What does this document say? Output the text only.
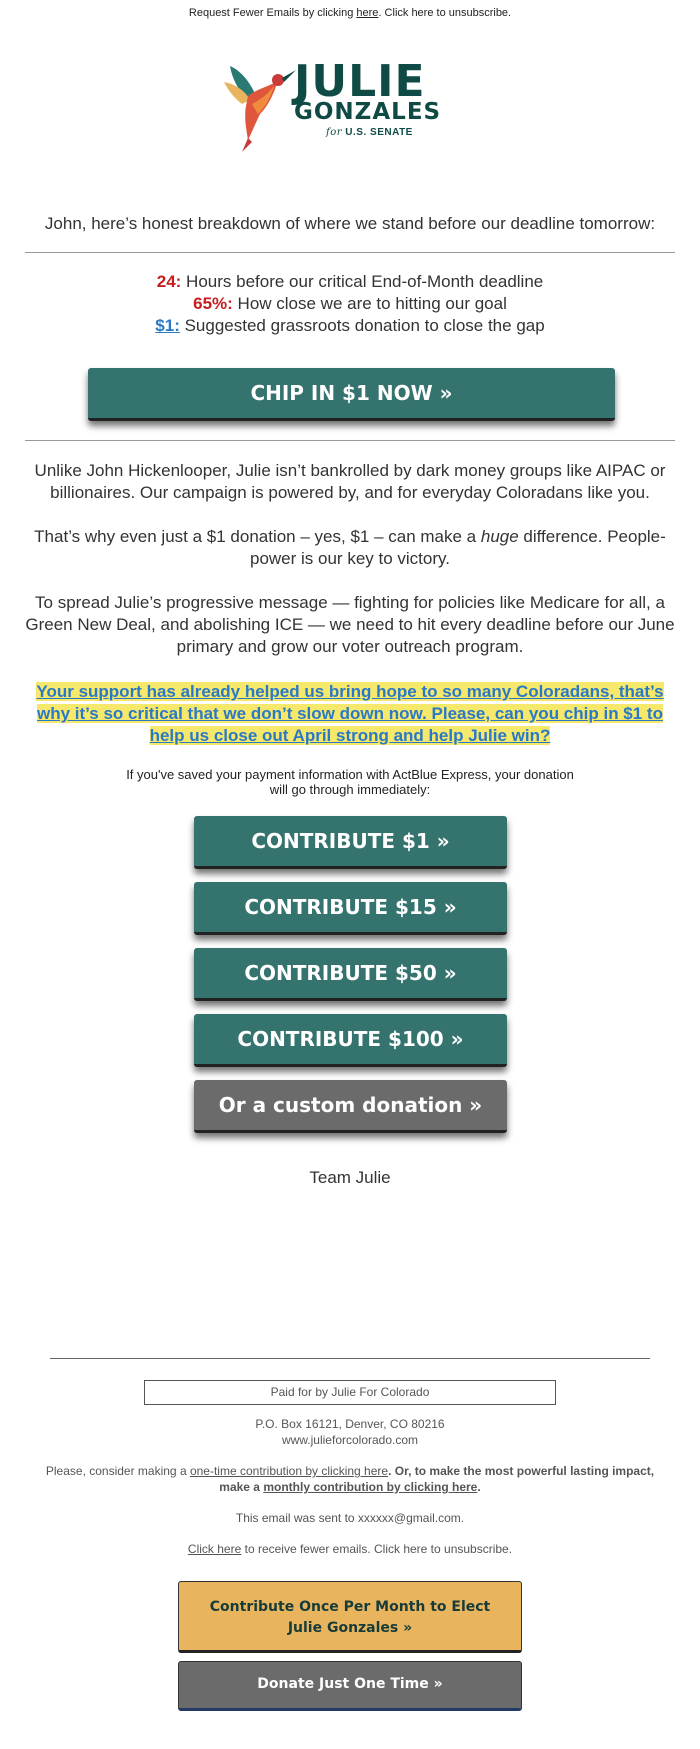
Request Fewer Emails by clicking here. Click here to unsubscribe.
JULIE
GONZALES
for U.S. SENATE
John, here’s honest breakdown of where we stand before our deadline tomorrow:
24: Hours before our critical End-of-Month deadline
65%: How close we are to hitting our goal
$1: Suggested grassroots donation to close the gap
CHIP IN $1 NOW »
Unlike John Hickenlooper, Julie isn’t bankrolled by dark money groups like AIPAC or billionaires. Our campaign is powered by, and for everyday Coloradans like you.
That’s why even just a $1 donation – yes, $1 – can make a huge difference. People-power is our key to victory.
To spread Julie’s progressive message — fighting for policies like Medicare for all, a Green New Deal, and abolishing ICE — we need to hit every deadline before our June primary and grow our voter outreach program.
Your support has already helped us bring hope to so many Coloradans, that’s why it’s so critical that we don’t slow down now. Please, can you chip in $1 to help us close out April strong and help Julie win?
If you've saved your payment information with ActBlue Express, your donation will go through immediately:
CONTRIBUTE $1 »
CONTRIBUTE $15 »
CONTRIBUTE $50 »
CONTRIBUTE $100 »
Or a custom donation »
Team Julie
Paid for by Julie For Colorado
P.O. Box 16121, Denver, CO 80216
www.julieforcolorado.com
Please, consider making a one-time contribution by clicking here. Or, to make the most powerful lasting impact, make a monthly contribution by clicking here.
This email was sent to xxxxxx@gmail.com.
Click here to receive fewer emails. Click here to unsubscribe.
Contribute Once Per Month to Elect
Julie Gonzales »
Donate Just One Time »
